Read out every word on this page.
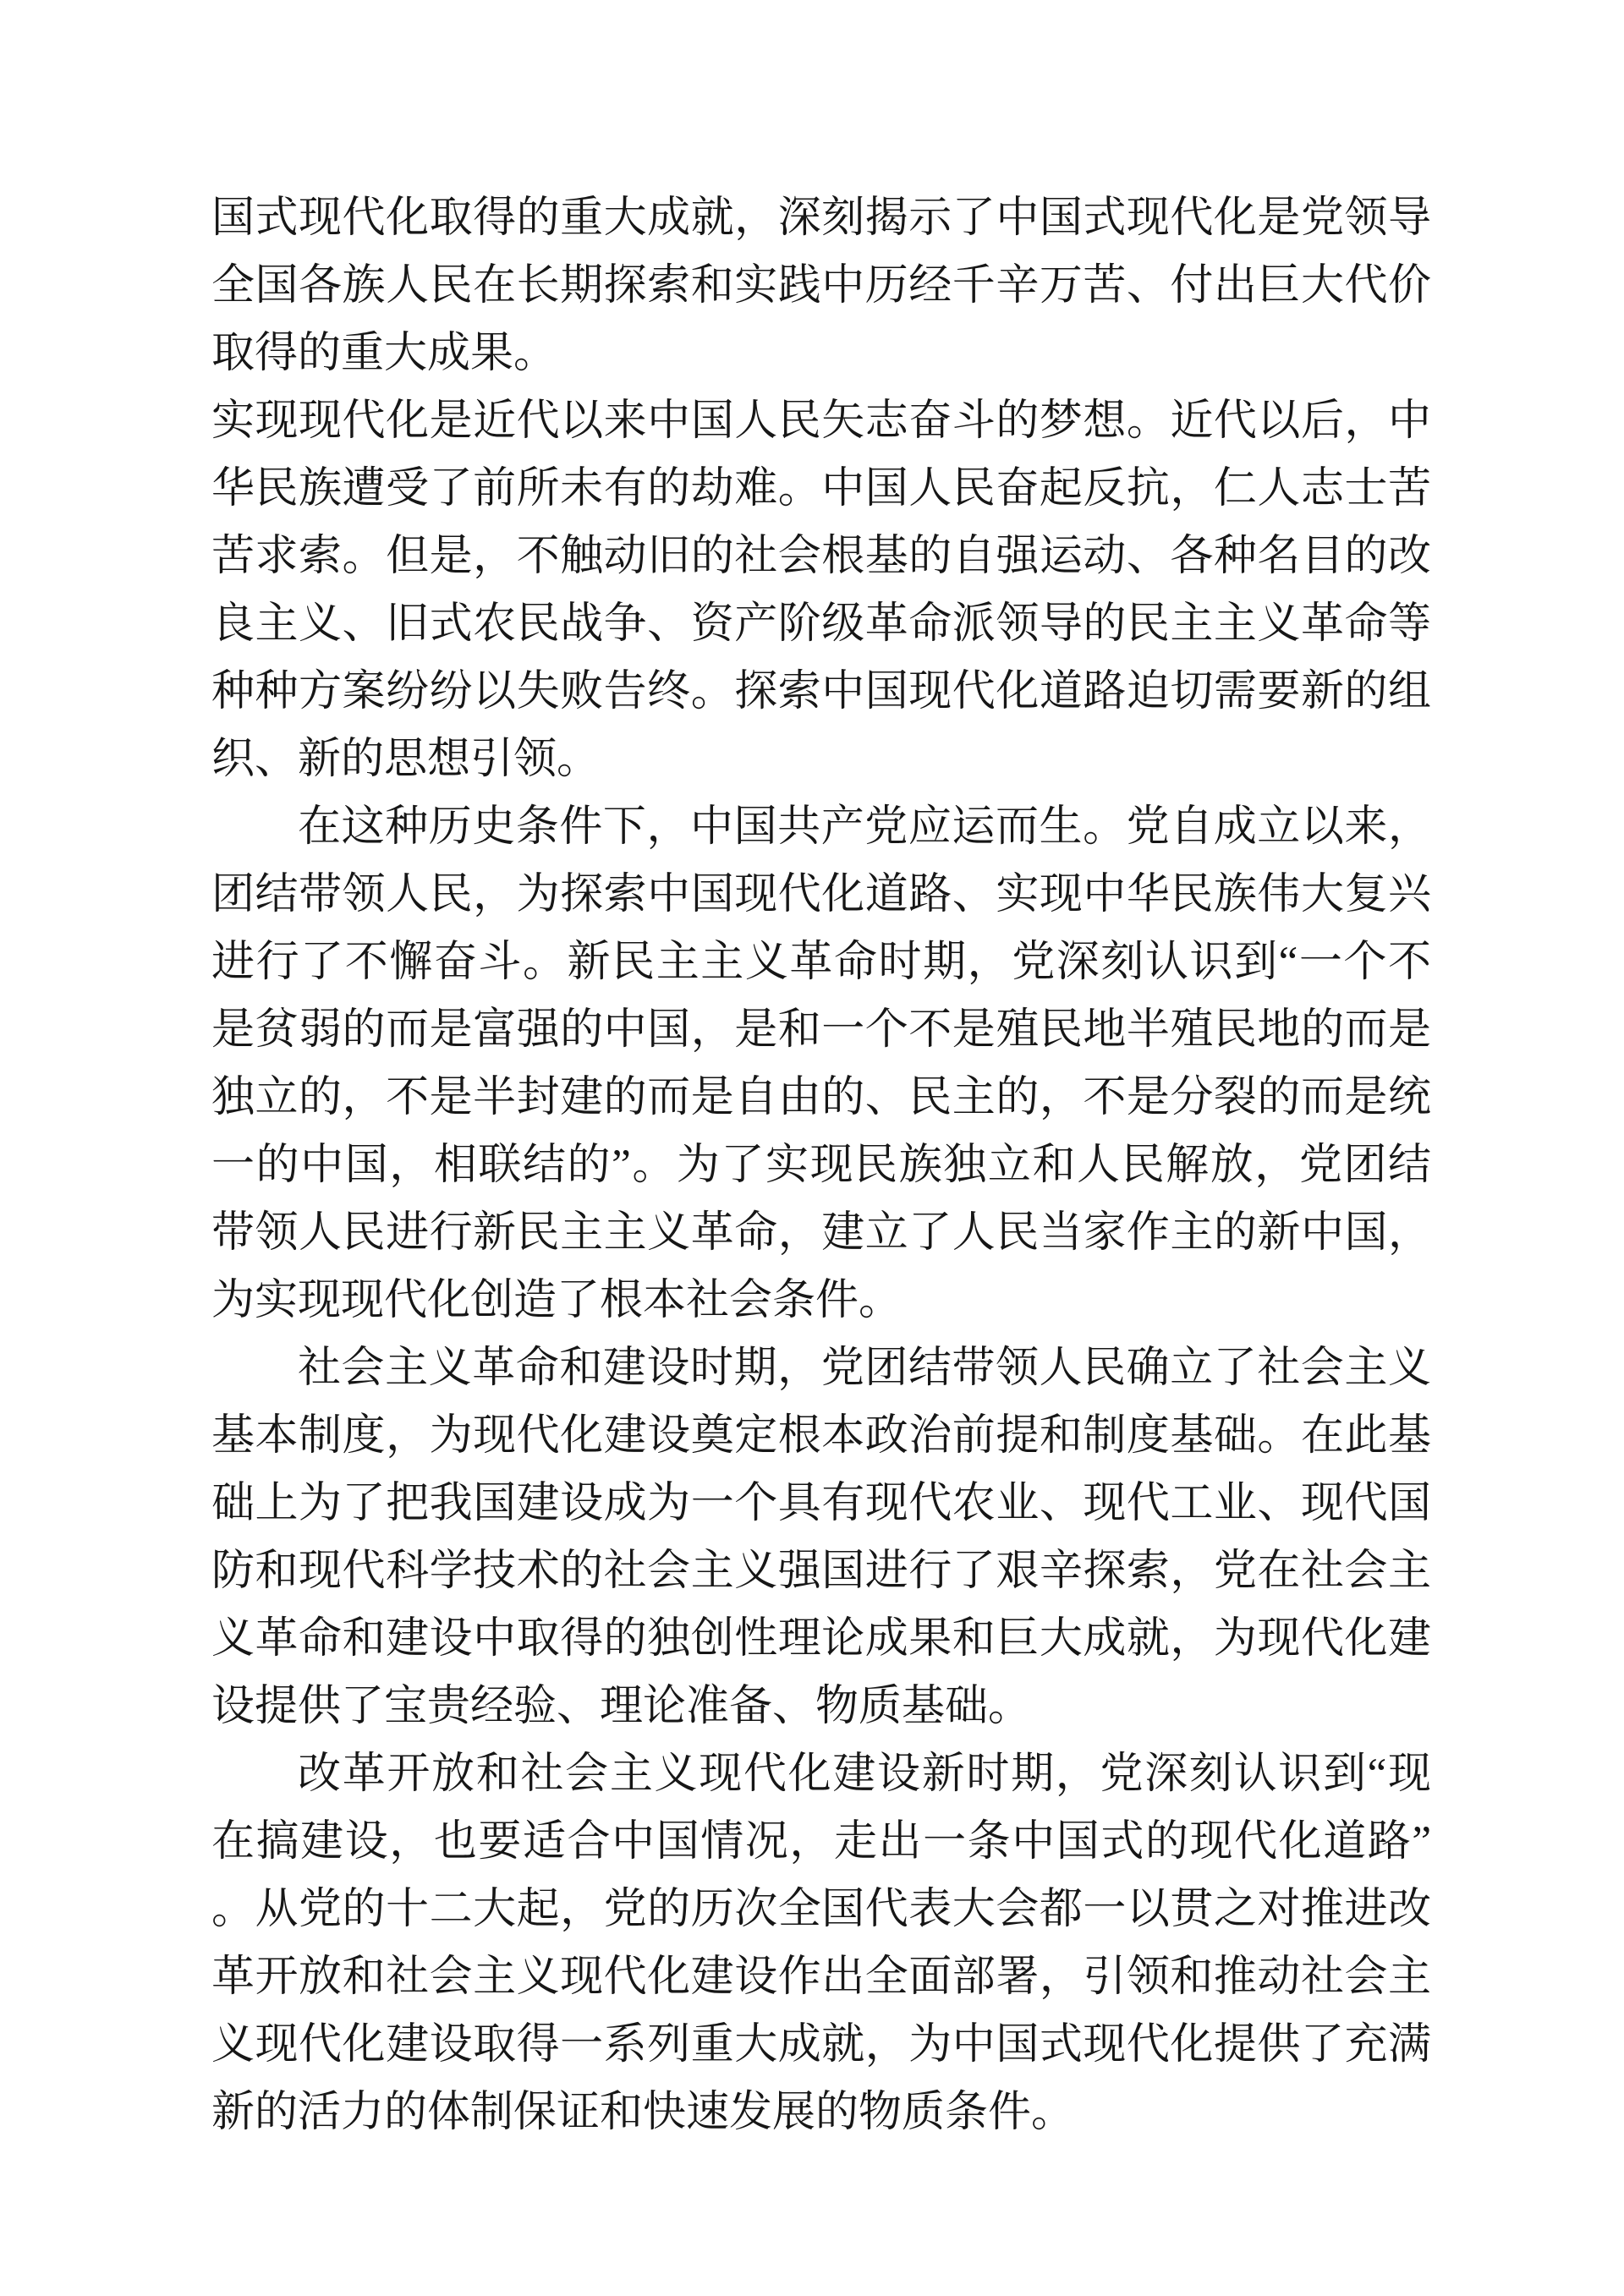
国式现代化取得的重大成就，深刻揭示了中国式现代化是党领导
全国各族人民在长期探索和实践中历经千辛万苦、付出巨大代价
取得的重大成果。
实现现代化是近代以来中国人民矢志奋斗的梦想。近代以后，中
华民族遭受了前所未有的劫难。中国人民奋起反抗，仁人志士苦
苦求索。但是，不触动旧的社会根基的自强运动、各种名目的改
良主义、旧式农民战争、资产阶级革命派领导的民主主义革命等
种种方案纷纷以失败告终。探索中国现代化道路迫切需要新的组
织、新的思想引领。
在这种历史条件下，中国共产党应运而生。党自成立以来，
团结带领人民，为探索中国现代化道路、实现中华民族伟大复兴
进行了不懈奋斗。新民主主义革命时期，党深刻认识到“一个不
是贫弱的而是富强的中国，是和一个不是殖民地半殖民地的而是
独立的，不是半封建的而是自由的、民主的，不是分裂的而是统
一的中国，相联结的”。为了实现民族独立和人民解放，党团结
带领人民进行新民主主义革命，建立了人民当家作主的新中国，
为实现现代化创造了根本社会条件。
社会主义革命和建设时期，党团结带领人民确立了社会主义
基本制度，为现代化建设奠定根本政治前提和制度基础。在此基
础上为了把我国建设成为一个具有现代农业、现代工业、现代国
防和现代科学技术的社会主义强国进行了艰辛探索，党在社会主
义革命和建设中取得的独创性理论成果和巨大成就，为现代化建
设提供了宝贵经验、理论准备、物质基础。
改革开放和社会主义现代化建设新时期，党深刻认识到“现
在搞建设，也要适合中国情况，走出一条中国式的现代化道路”
。从党的十二大起，党的历次全国代表大会都一以贯之对推进改
革开放和社会主义现代化建设作出全面部署，引领和推动社会主
义现代化建设取得一系列重大成就，为中国式现代化提供了充满
新的活力的体制保证和快速发展的物质条件。
